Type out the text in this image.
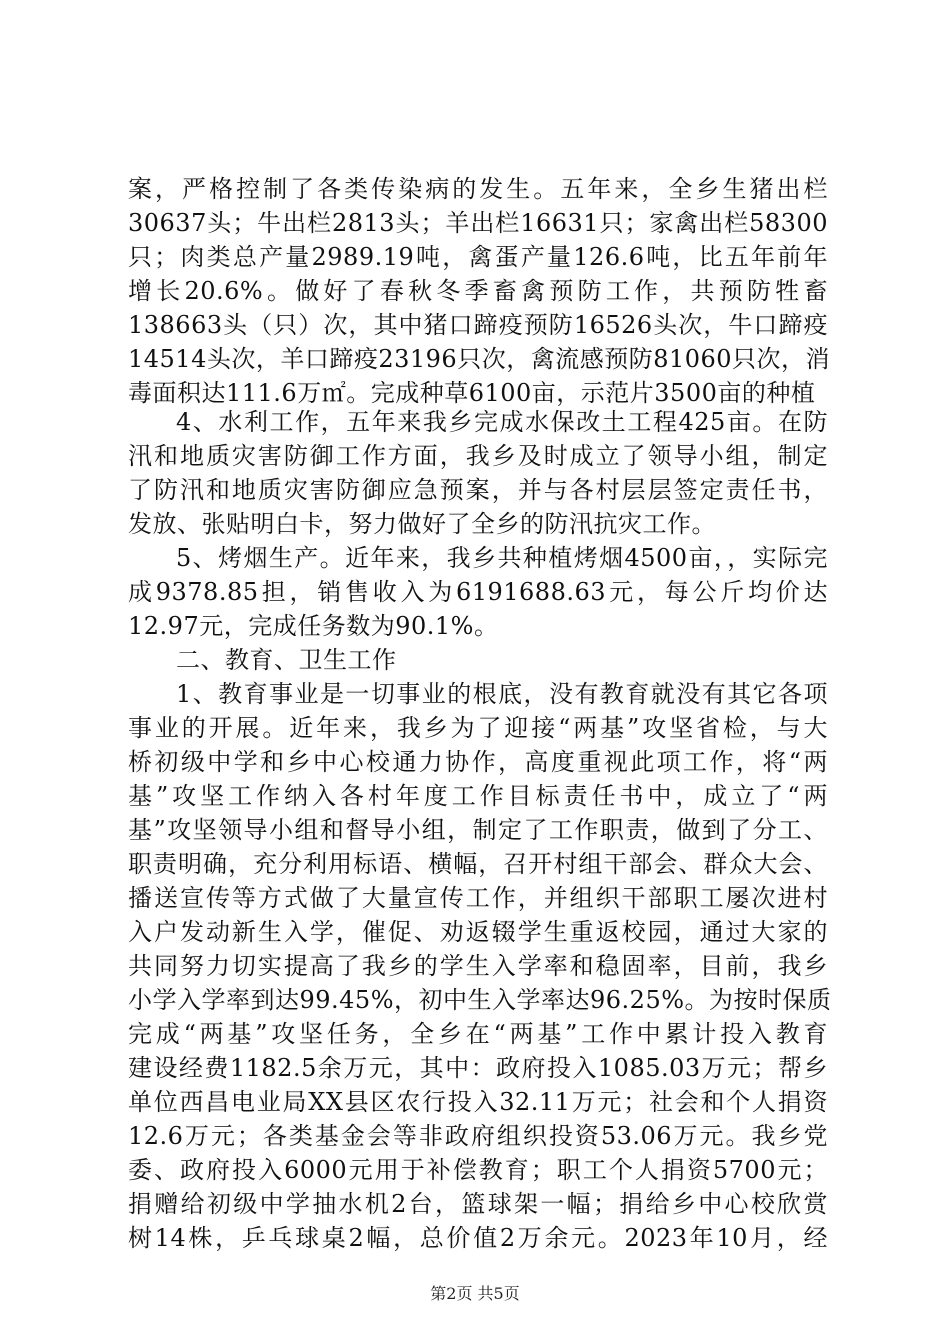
案，严格控制了各类传染病的发生。五年来，全乡生猪出栏
30637头；牛出栏2813头；羊出栏16631只；家禽出栏58300
只；肉类总产量2989.19吨，禽蛋产量126.6吨，比五年前年
增长20.6%。做好了春秋冬季畜禽预防工作，共预防牲畜
138663头（只）次，其中猪口蹄疫预防16526头次，牛口蹄疫
14514头次，羊口蹄疫23196只次，禽流感预防81060只次，消
毒面积达111.6万㎡。完成种草6100亩，示范片3500亩的种植
4、水利工作，五年来我乡完成水保改土工程425亩。在防
汛和地质灾害防御工作方面，我乡及时成立了领导小组，制定
了防汛和地质灾害防御应急预案，并与各村层层签定责任书，
发放、张贴明白卡，努力做好了全乡的防汛抗灾工作。
5、烤烟生产。近年来，我乡共种植烤烟4500亩，，实际完
成9378.85担，销售收入为6191688.63元，每公斤均价达
12.97元，完成任务数为90.1%。
二、教育、卫生工作
1、教育事业是一切事业的根底，没有教育就没有其它各项
事业的开展。近年来，我乡为了迎接“两基”攻坚省检，与大
桥初级中学和乡中心校通力协作，高度重视此项工作，将“两
基”攻坚工作纳入各村年度工作目标责任书中，成立了“两
基”攻坚领导小组和督导小组，制定了工作职责，做到了分工、
职责明确，充分利用标语、横幅，召开村组干部会、群众大会、
播送宣传等方式做了大量宣传工作，并组织干部职工屡次进村
入户发动新生入学，催促、劝返辍学生重返校园，通过大家的
共同努力切实提高了我乡的学生入学率和稳固率，目前，我乡
小学入学率到达99.45%，初中生入学率达96.25%。为按时保质
完成“两基”攻坚任务，全乡在“两基”工作中累计投入教育
建设经费1182.5余万元，其中：政府投入1085.03万元；帮乡
单位西昌电业局XX县区农行投入32.11万元；社会和个人捐资
12.6万元；各类基金会等非政府组织投资53.06万元。我乡党
委、政府投入6000元用于补偿教育；职工个人捐资5700元；
捐赠给初级中学抽水机2台，篮球架一幅；捐给乡中心校欣赏
树14株，乒乓球桌2幅，总价值2万余元。2023年10月，经
第2页 共5页
